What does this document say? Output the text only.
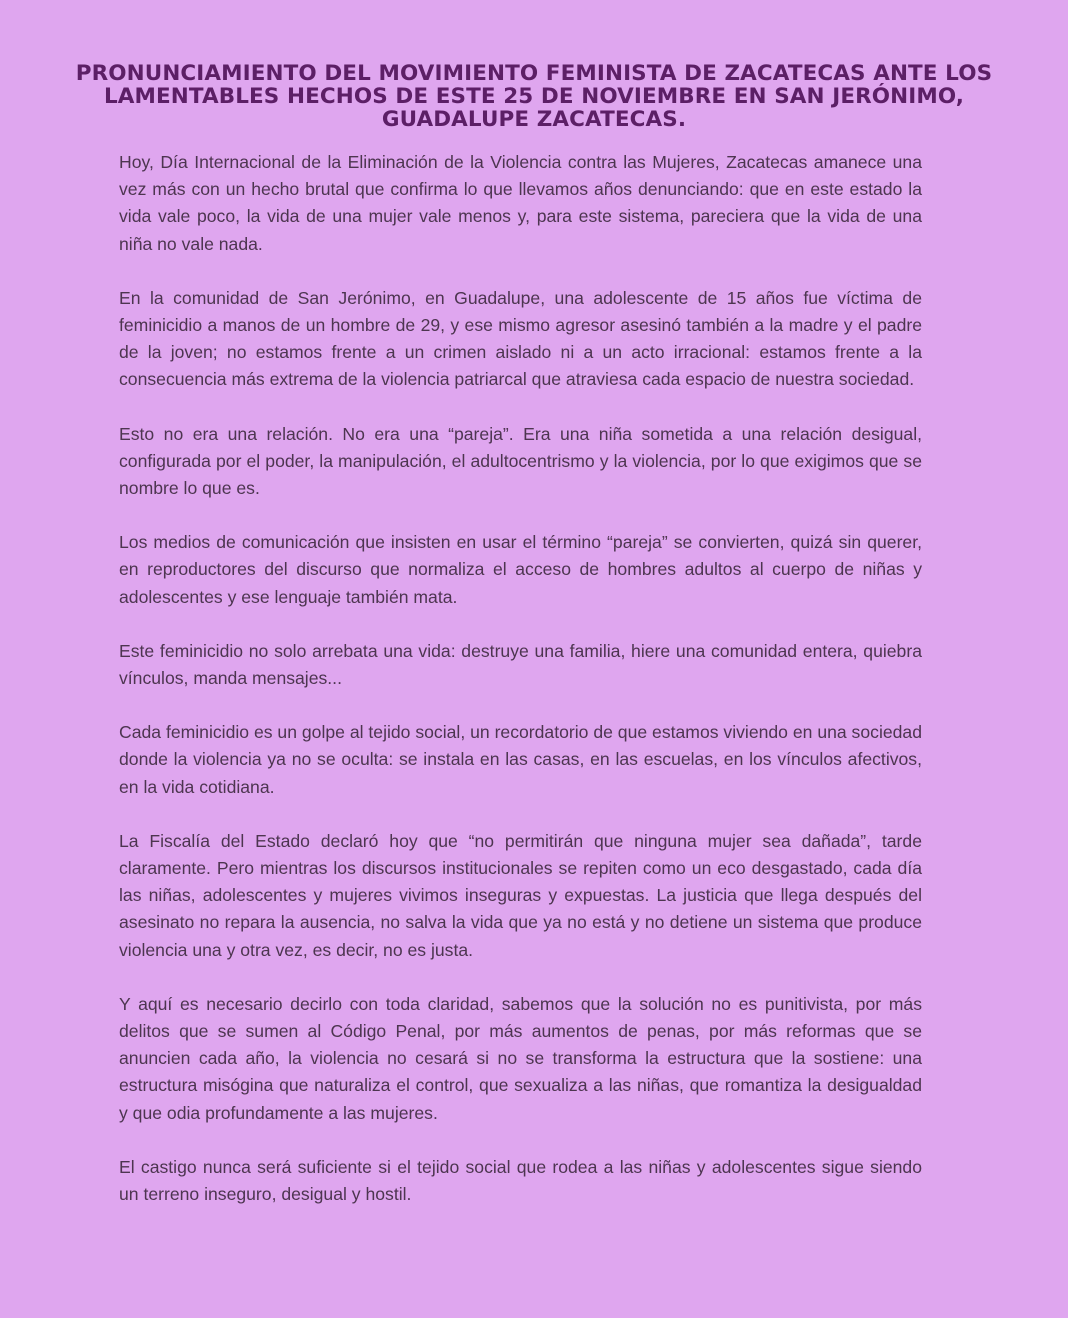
PRONUNCIAMIENTO DEL MOVIMIENTO FEMINISTA DE ZACATECAS ANTE LOS LAMENTABLES HECHOS DE ESTE 25 DE NOVIEMBRE EN SAN JERÓNIMO, GUADALUPE ZACATECAS.

Hoy, Día Internacional de la Eliminación de la Violencia contra las Mujeres, Zacatecas amanece una vez más con un hecho brutal que confirma lo que llevamos años denunciando: que en este estado la vida vale poco, la vida de una mujer vale menos y, para este sistema, pareciera que la vida de una niña no vale nada.

En la comunidad de San Jerónimo, en Guadalupe, una adolescente de 15 años fue víctima de feminicidio a manos de un hombre de 29, y ese mismo agresor asesinó también a la madre y el padre de la joven; no estamos frente a un crimen aislado ni a un acto irracional: estamos frente a la consecuencia más extrema de la violencia patriarcal que atraviesa cada espacio de nuestra sociedad.

Esto no era una relación. No era una “pareja”. Era una niña sometida a una relación desigual, configurada por el poder, la manipulación, el adultocentrismo y la violencia, por lo que exigimos que se nombre lo que es.

Los medios de comunicación que insisten en usar el término “pareja” se convierten, quizá sin querer, en reproductores del discurso que normaliza el acceso de hombres adultos al cuerpo de niñas y adolescentes y ese lenguaje también mata.

Este feminicidio no solo arrebata una vida: destruye una familia, hiere una comunidad entera, quiebra vínculos, manda mensajes...

Cada feminicidio es un golpe al tejido social, un recordatorio de que estamos viviendo en una sociedad donde la violencia ya no se oculta: se instala en las casas, en las escuelas, en los vínculos afectivos, en la vida cotidiana.

La Fiscalía del Estado declaró hoy que “no permitirán que ninguna mujer sea dañada”, tarde claramente. Pero mientras los discursos institucionales se repiten como un eco desgastado, cada día las niñas, adolescentes y mujeres vivimos inseguras y expuestas. La justicia que llega después del asesinato no repara la ausencia, no salva la vida que ya no está y no detiene un sistema que produce violencia una y otra vez, es decir, no es justa.

Y aquí es necesario decirlo con toda claridad, sabemos que la solución no es punitivista, por más delitos que se sumen al Código Penal, por más aumentos de penas, por más reformas que se anuncien cada año, la violencia no cesará si no se transforma la estructura que la sostiene: una estructura misógina que naturaliza el control, que sexualiza a las niñas, que romantiza la desigualdad y que odia profundamente a las mujeres.

El castigo nunca será suficiente si el tejido social que rodea a las niñas y adolescentes sigue siendo un terreno inseguro, desigual y hostil.
